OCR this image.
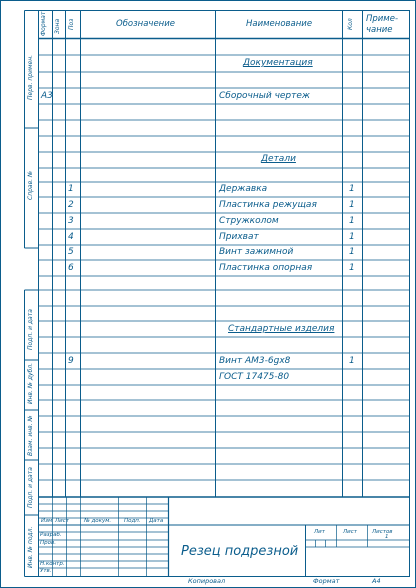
Формат Зона Поз	Обозначение	Наименование	Кол Приме-
чание
Перв. примен.
Справ. №
Подп. и дата
Инв. № дубл.
Взам. инв. №
Подп. и дата
Инв. № подл.
Документация
А3	Сборочный чертеж
Детали
1	Державка	1
2	Пластинка режущая	1
3	Стружколом	1
4	Прихват	1
5	Винт зажимной	1
6	Пластинка опорная	1
Стандартные изделия
9	Винт АМ3-6gх8
ГОСТ 17475-80
1
Изм Лист	№ докум. Подп. Дата
Разраб.
Пров.
Н.контр.
Утв.
Резец подрезной
Лит	Лист	Листов
1
Копировал	Формат	А4
